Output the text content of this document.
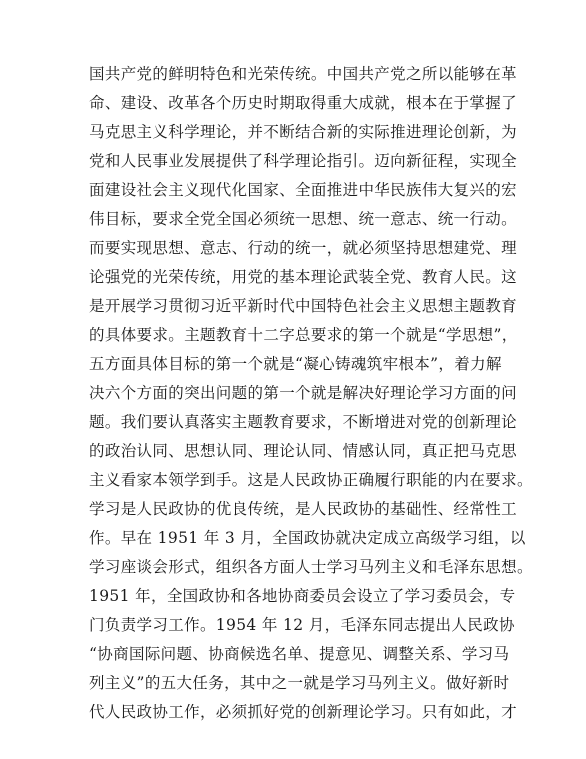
国共产党的鲜明特色和光荣传统。中国共产党之所以能够在革
命、建设、改革各个历史时期取得重大成就，根本在于掌握了
马克思主义科学理论，并不断结合新的实际推进理论创新，为
党和人民事业发展提供了科学理论指引。迈向新征程，实现全
面建设社会主义现代化国家、全面推进中华民族伟大复兴的宏
伟目标，要求全党全国必须统一思想、统一意志、统一行动。
而要实现思想、意志、行动的统一，就必须坚持思想建党、理
论强党的光荣传统，用党的基本理论武装全党、教育人民。这
是开展学习贯彻习近平新时代中国特色社会主义思想主题教育
的具体要求。主题教育十二字总要求的第一个就是“学思想”，
五方面具体目标的第一个就是“凝心铸魂筑牢根本”，着力解
决六个方面的突出问题的第一个就是解决好理论学习方面的问
题。我们要认真落实主题教育要求，不断增进对党的创新理论
的政治认同、思想认同、理论认同、情感认同，真正把马克思
主义看家本领学到手。这是人民政协正确履行职能的内在要求。
学习是人民政协的优良传统，是人民政协的基础性、经常性工
作。早在 1951 年 3 月，全国政协就决定成立高级学习组，以
学习座谈会形式，组织各方面人士学习马列主义和毛泽东思想。
1951 年，全国政协和各地协商委员会设立了学习委员会，专
门负责学习工作。1954 年 12 月，毛泽东同志提出人民政协
“协商国际问题、协商候选名单、提意见、调整关系、学习马
列主义”的五大任务，其中之一就是学习马列主义。做好新时
代人民政协工作，必须抓好党的创新理论学习。只有如此，才
